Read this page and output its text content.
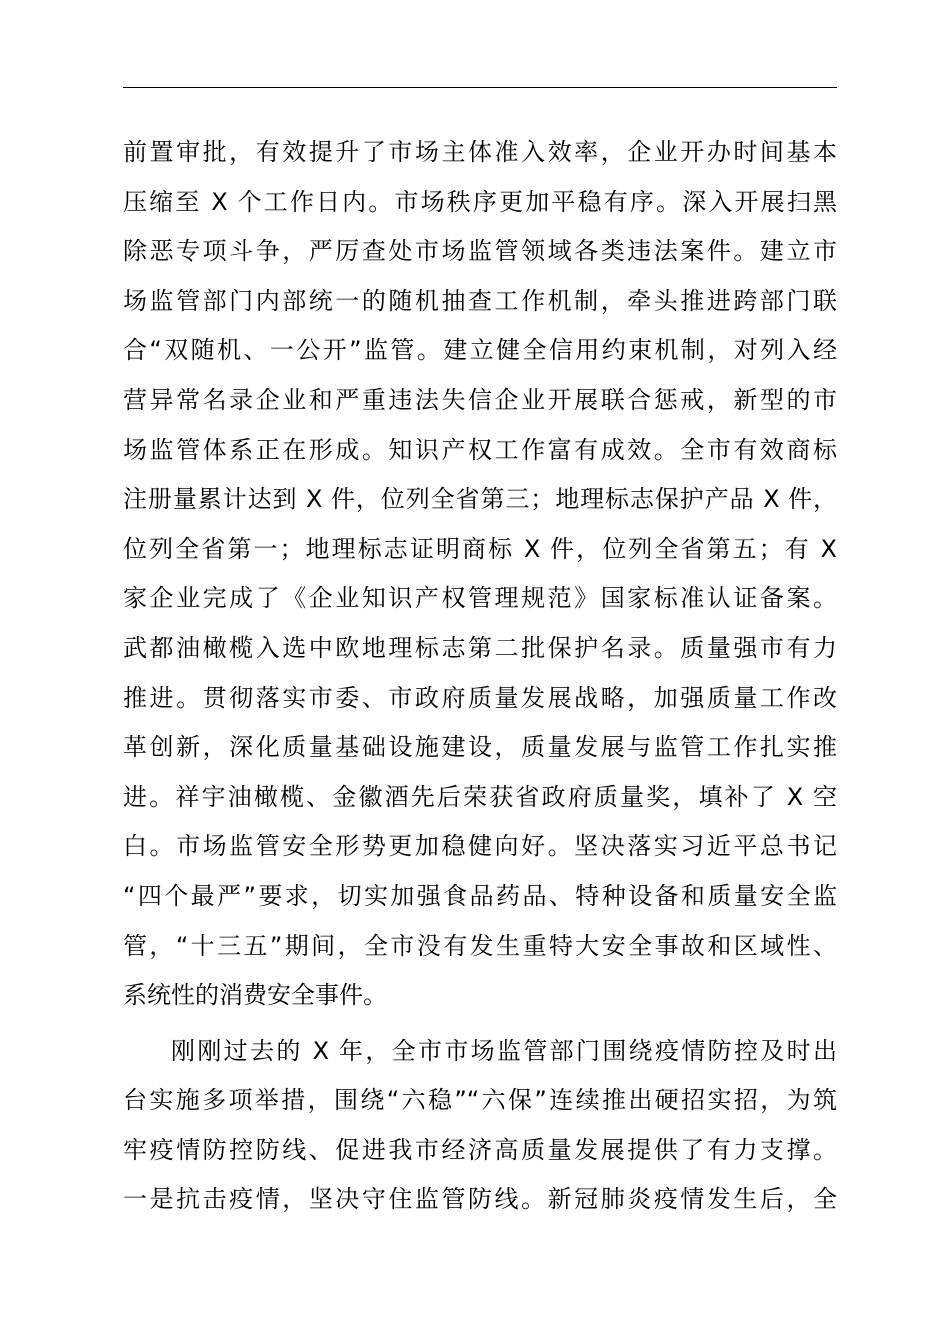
前置审批，有效提升了市场主体准入效率，企业开办时间基本
压缩至 X 个工作日内。市场秩序更加平稳有序。深入开展扫黑
除恶专项斗争，严厉查处市场监管领域各类违法案件。建立市
场监管部门内部统一的随机抽查工作机制，牵头推进跨部门联
合“双随机、一公开”监管。建立健全信用约束机制，对列入经
营异常名录企业和严重违法失信企业开展联合惩戒，新型的市
场监管体系正在形成。知识产权工作富有成效。全市有效商标
注册量累计达到 X 件，位列全省第三；地理标志保护产品 X 件，
位列全省第一；地理标志证明商标 X 件，位列全省第五；有 X
家企业完成了《企业知识产权管理规范》国家标准认证备案。
武都油橄榄入选中欧地理标志第二批保护名录。质量强市有力
推进。贯彻落实市委、市政府质量发展战略，加强质量工作改
革创新，深化质量基础设施建设，质量发展与监管工作扎实推
进。祥宇油橄榄、金徽酒先后荣获省政府质量奖，填补了 X 空
白。市场监管安全形势更加稳健向好。坚决落实习近平总书记
“四个最严”要求，切实加强食品药品、特种设备和质量安全监
管，“十三五”期间，全市没有发生重特大安全事故和区域性、
系统性的消费安全事件。
刚刚过去的 X 年，全市市场监管部门围绕疫情防控及时出
台实施多项举措，围绕“六稳”“六保”连续推出硬招实招，为筑
牢疫情防控防线、促进我市经济高质量发展提供了有力支撑。
一是抗击疫情，坚决守住监管防线。新冠肺炎疫情发生后，全
